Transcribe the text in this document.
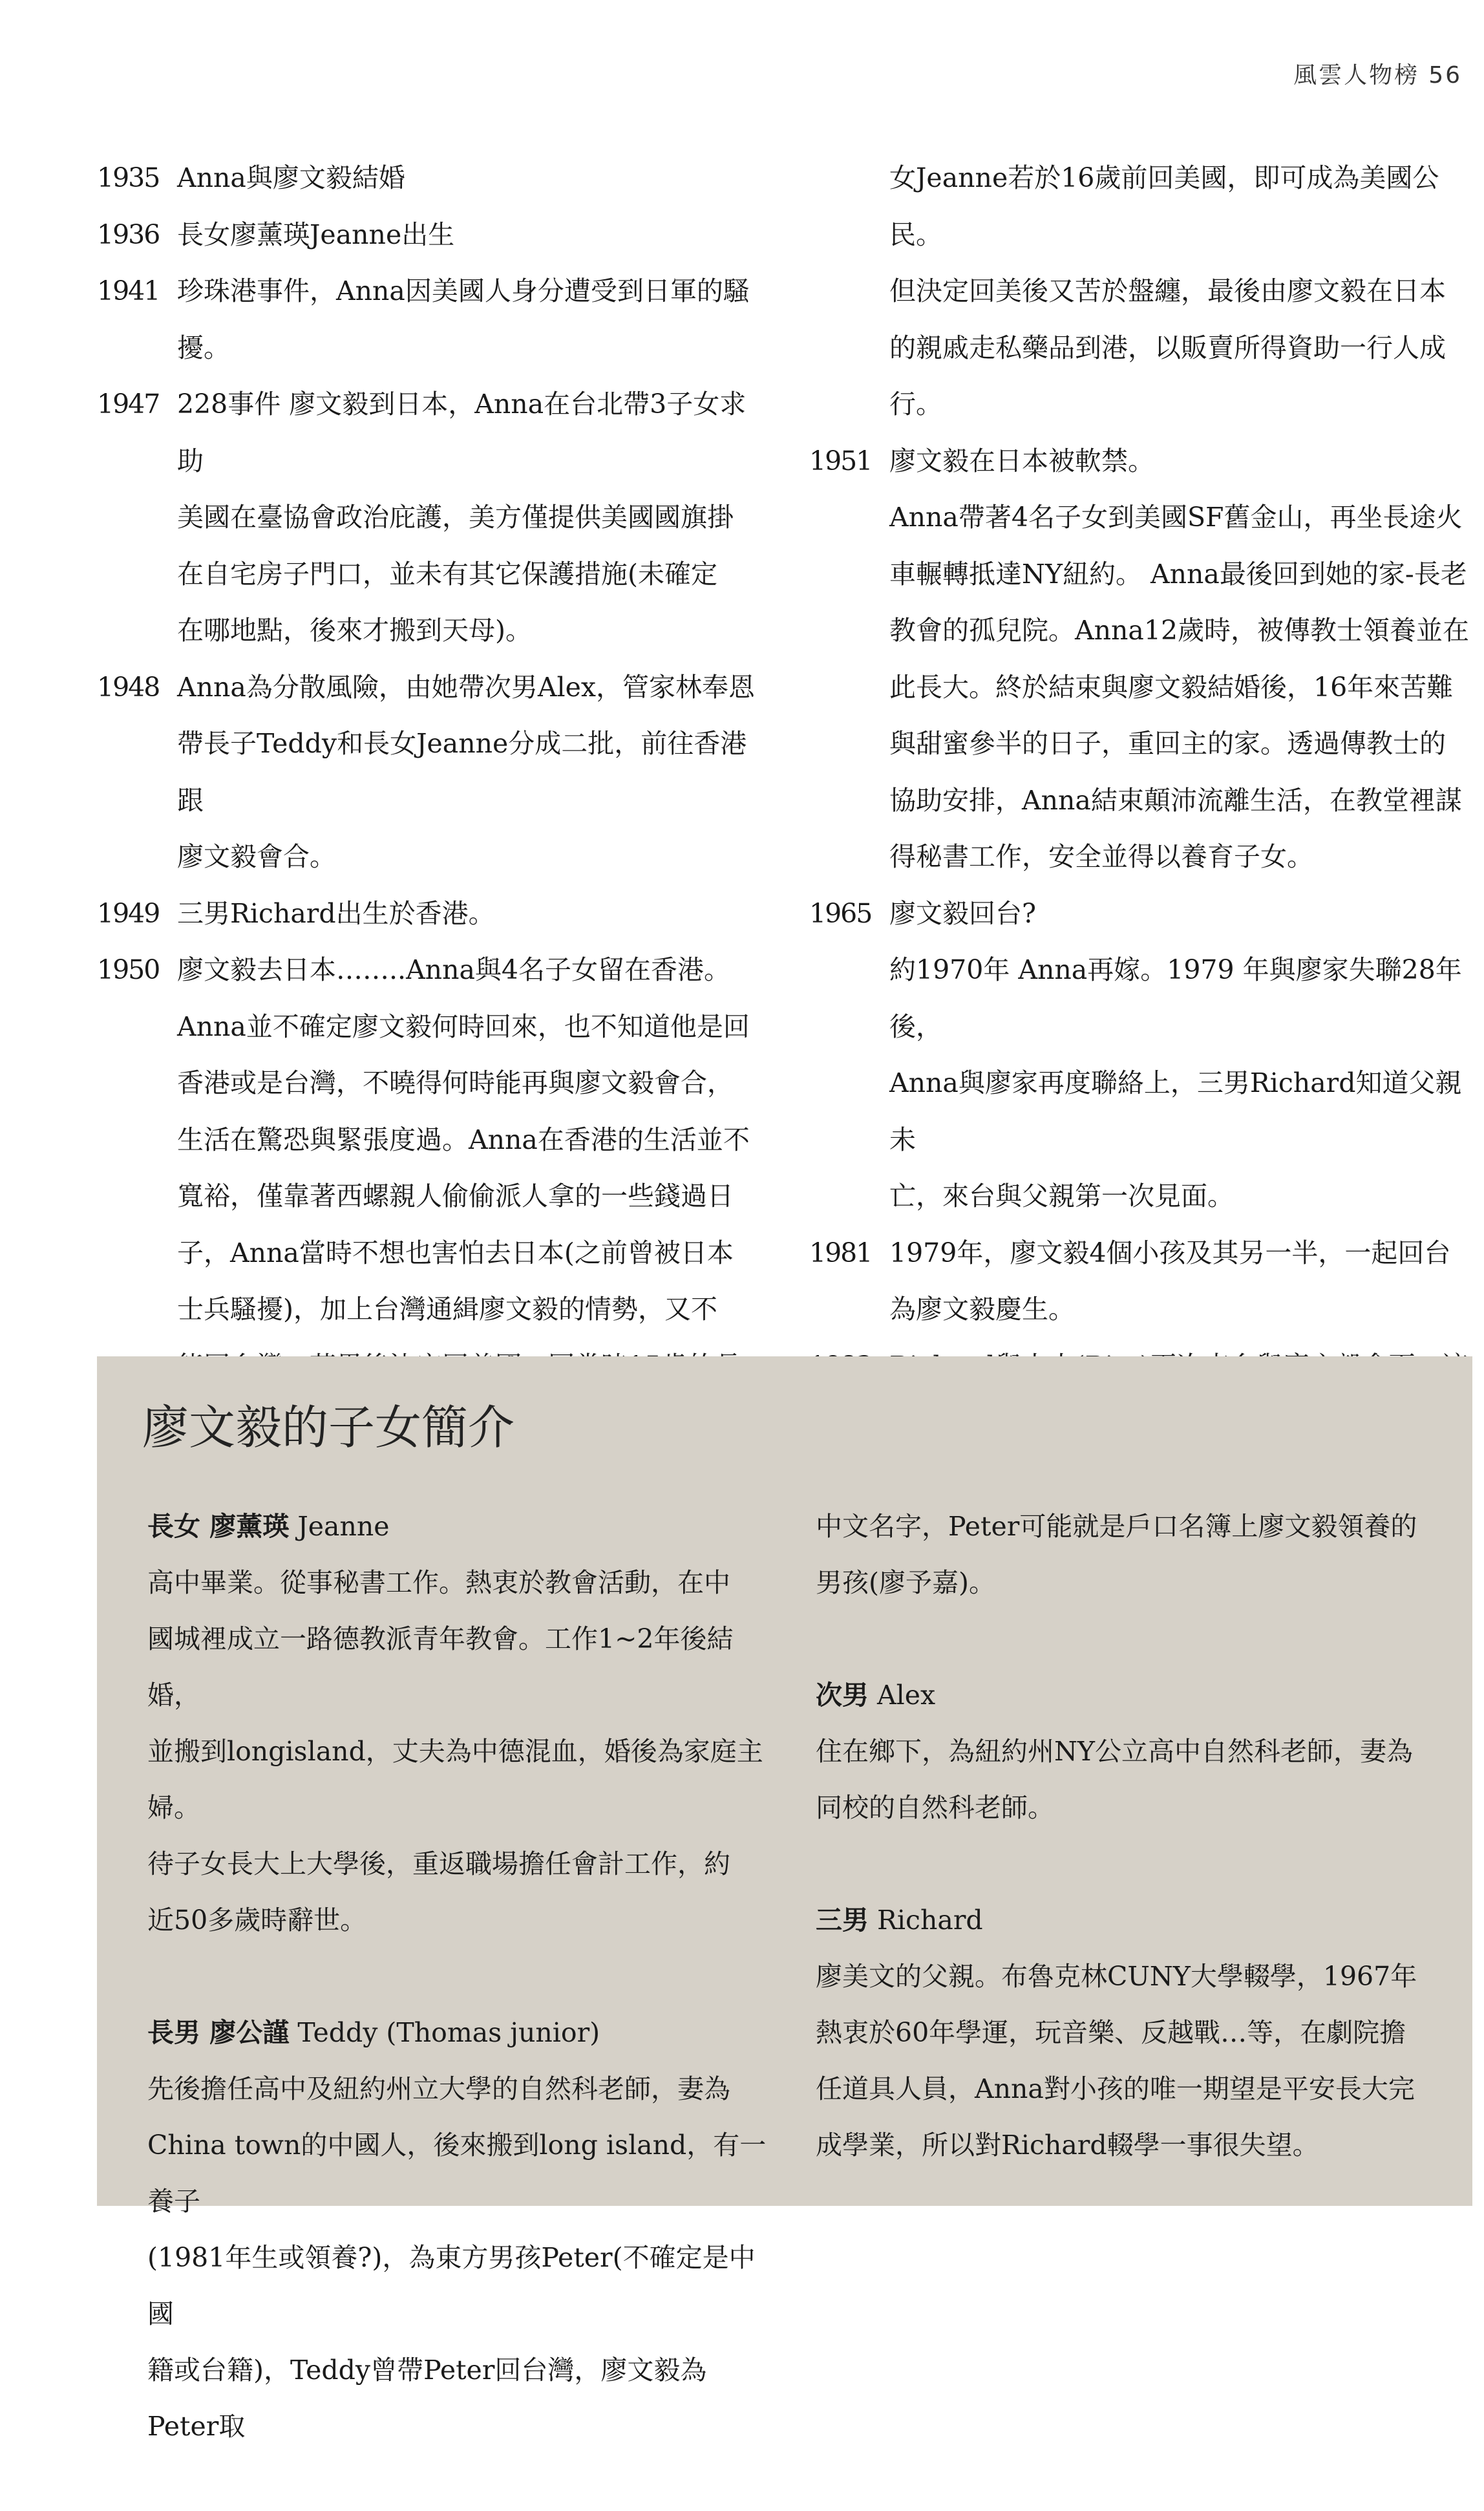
風雲人物榜 56
1935 Anna與廖文毅結婚
1936 長女廖薰瑛Jeanne出生
1941 珍珠港事件，Anna因美國人身分遭受到日軍的騷
擾。
1947 228事件 廖文毅到日本，Anna在台北帶3子女求助
美國在臺協會政治庇護，美方僅提供美國國旗掛
在自宅房子門口，並未有其它保護措施(未確定
在哪地點，後來才搬到天母)。
1948 Anna為分散風險，由她帶次男Alex，管家林奉恩
帶長子Teddy和長女Jeanne分成二批，前往香港跟
廖文毅會合。
1949 三男Richard出生於香港。
1950 廖文毅去日本……..Anna與4名子女留在香港。
Anna並不確定廖文毅何時回來，也不知道他是回
香港或是台灣，不曉得何時能再與廖文毅會合，
生活在驚恐與緊張度過。Anna在香港的生活並不
寬裕，僅靠著西螺親人偷偷派人拿的一些錢過日
子，Anna當時不想也害怕去日本(之前曾被日本
士兵騷擾)，加上台灣通緝廖文毅的情勢，又不
女Jeanne若於16歲前回美國，即可成為美國公民。
但決定回美後又苦於盤纏，最後由廖文毅在日本
的親戚走私藥品到港，以販賣所得資助一行人成
行。
1951 廖文毅在日本被軟禁。
Anna帶著4名子女到美國SF舊金山，再坐長途火
車輾轉抵達NY紐約。 Anna最後回到她的家-長老
教會的孤兒院。Anna12歲時，被傳教士領養並在
此長大。終於結束與廖文毅結婚後，16年來苦難
與甜蜜參半的日子，重回主的家。透過傳教士的
協助安排，Anna結束顛沛流離生活，在教堂裡謀
得秘書工作，安全並得以養育子女。
1965 廖文毅回台?
約1970年 Anna再嫁。1979 年與廖家失聯28年後，
Anna與廖家再度聯絡上，三男Richard知道父親未
亡，來台與父親第一次見面。
1981 1979年，廖文毅4個小孩及其另一半，一起回台
為廖文毅慶生。
廖文毅的子女簡介

長女 廖薰瑛 Jeanne

高中畢業。從事秘書工作。熱衷於教會活動，在中

國城裡成立一路德教派青年教會。工作1~2年後結婚，

並搬到longisland，丈夫為中德混血，婚後為家庭主婦。

待子女長大上大學後，重返職場擔任會計工作，約

近50多歲時辭世。

長男 廖公謹 Teddy (Thomas junior)

先後擔任高中及紐約州立大學的自然科老師，妻為

China town的中國人，後來搬到long island，有一養子

(1981年生或領養?)，為東方男孩Peter(不確定是中國

籍或台籍)，Teddy曾帶Peter回台灣，廖文毅為Peter取

中文名字，Peter可能就是戶口名簿上廖文毅領養的

男孩(廖予嘉)。

次男 Alex

住在鄉下，為紐約州NY公立高中自然科老師，妻為

同校的自然科老師。

三男 Richard

廖美文的父親。布魯克林CUNY大學輟學，1967年

熱衷於60年學運，玩音樂、反越戰…等，在劇院擔

任道具人員，Anna對小孩的唯一期望是平安長大完

成學業，所以對Richard輟學一事很失望。
